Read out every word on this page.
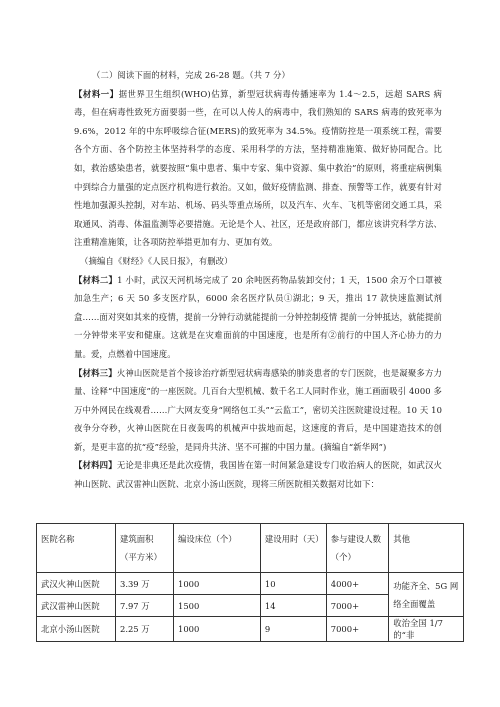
（二）阅读下面的材料，完成 26-28 题。（共 7 分）

【材料一】据世界卫生组织(WHO)估算，新型冠状病毒传播速率为 1.4～2.5，远超 SARS 病毒，但在病毒性致死方面要弱一些，在可以人传人的病毒中，我们熟知的 SARS 病毒的致死率为 9.6%，2012 年的中东呼吸综合征(MERS)的致死率为 34.5%。疫情防控是一项系统工程，需要各个方面、各个防控主体坚持科学的态度、采用科学的方法，坚持精准施策、做好协同配合。比如，救治感染患者，就要按照“集中患者、集中专家、集中资源、集中救治”的原则，将重症病例集中到综合力量强的定点医疗机构进行救治。又如，做好疫情监测、排查、预警等工作，就要有针对性地加强源头控制，对车站、机场、码头等重点场所，以及汽车、火车、飞机等密闭交通工具，采取通风、消毒、体温监测等必要措施。无论是个人、社区，还是政府部门，都应该讲究科学方法、注重精准施策，让各项防控举措更加有力、更加有效。

（摘编自《财经》《人民日报》，有删改）

【材料二】1 小时，武汉天河机场完成了 20 余吨医药物品装卸交付；1 天，1500 余万个口罩被加急生产；6 天 50 多支医疗队，6000 余名医疗队员①湖北；9 天，推出 17 款快速监测试剂盒……面对突如其来的疫情，提前一分钟行动就能提前一分钟控制疫情 提前一分钟抵达，就能提前一分钟带来平安和健康。这就是在灾难面前的中国速度，也是所有②前行的中国人齐心协力的力量。爱，点燃着中国速度。

【材料三】火神山医院是首个接诊治疗新型冠状病毒感染的肺炎患者的专门医院，也是凝聚多方力量、诠释“中国速度”的一座医院。几百台大型机械、数千名工人同时作业，施工画面吸引 4000 多万中外网民在线观看……广大网友变身“网络包工头”“云监工”，密切关注医院建设过程。10 天 10 夜争分夺秒，火神山医院在日夜轰鸣的机械声中拔地而起，这速度的背后，是中国建造技术的创新，是更丰富的抗“疫”经验，是同舟共济、坚不可摧的中国力量。(摘编自“新华网”)

【材料四】无论是非典还是此次疫情，我国皆在第一时间紧急建设专门收治病人的医院，如武汉火神山医院、武汉雷神山医院、北京小汤山医院，现将三所医院相关数据对比如下：

医院名称	建筑面积（平方米）	编设床位（个）	建设用时（天）	参与建设人数（个）	其他
武汉火神山医院	3.39 万	1000	10	4000+	功能齐全、5G 网络全面覆盖
武汉雷神山医院	7.97 万	1500	14	7000+	
北京小汤山医院	2.25 万	1000	9	7000+	收治全国 1/7 的“非
